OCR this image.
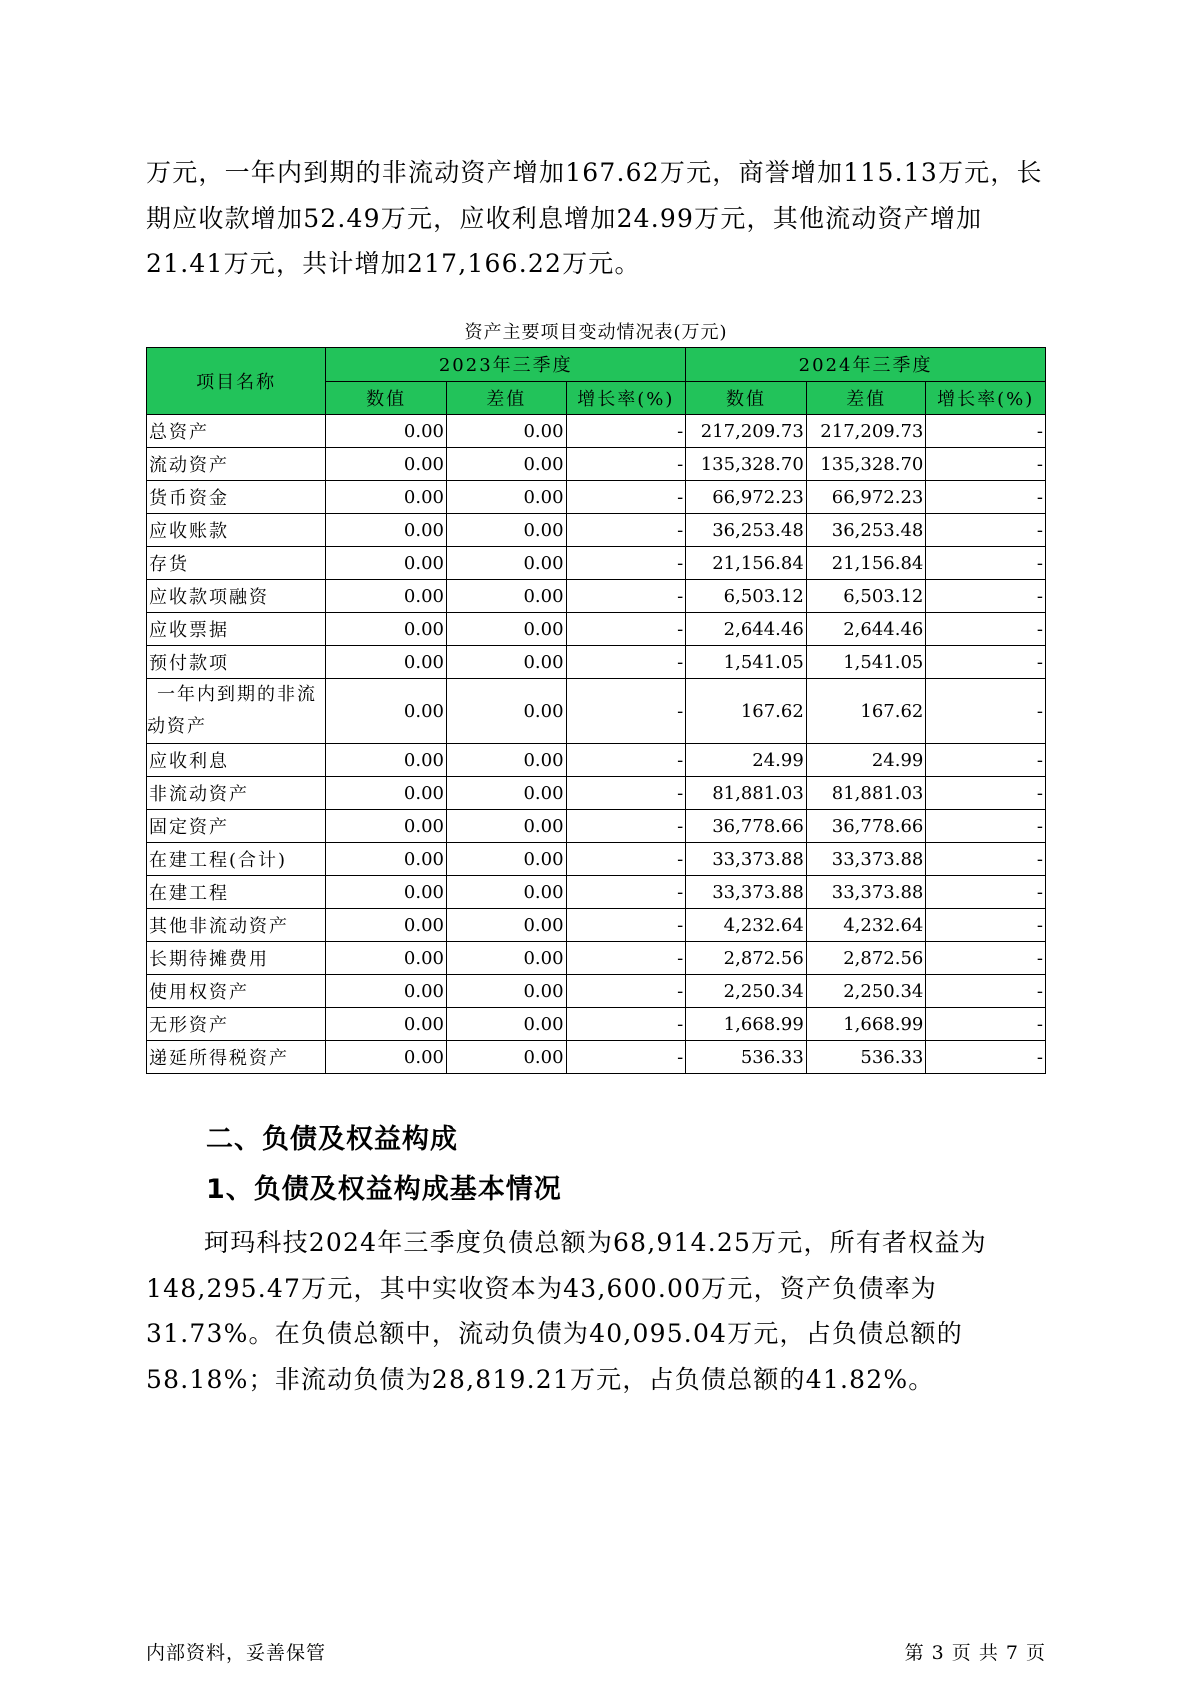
万元，一年内到期的非流动资产增加167.62万元，商誉增加115.13万元，长期应收款增加52.49万元，应收利息增加24.99万元，其他流动资产增加21.41万元，共计增加217,166.22万元。

资产主要项目变动情况表(万元)
项目名称	2023年三季度			2024年三季度		
	数值	差值	增长率(%)	数值	差值	增长率(%)
总资产	0.00	0.00	-	217,209.73	217,209.73	-
流动资产	0.00	0.00	-	135,328.70	135,328.70	-
货币资金	0.00	0.00	-	66,972.23	66,972.23	-
应收账款	0.00	0.00	-	36,253.48	36,253.48	-
存货	0.00	0.00	-	21,156.84	21,156.84	-
应收款项融资	0.00	0.00	-	6,503.12	6,503.12	-
应收票据	0.00	0.00	-	2,644.46	2,644.46	-
预付款项	0.00	0.00	-	1,541.05	1,541.05	-
一年内到期的非流动资产	0.00	0.00	-	167.62	167.62	-
应收利息	0.00	0.00	-	24.99	24.99	-
非流动资产	0.00	0.00	-	81,881.03	81,881.03	-
固定资产	0.00	0.00	-	36,778.66	36,778.66	-
在建工程(合计)	0.00	0.00	-	33,373.88	33,373.88	-
在建工程	0.00	0.00	-	33,373.88	33,373.88	-
其他非流动资产	0.00	0.00	-	4,232.64	4,232.64	-
长期待摊费用	0.00	0.00	-	2,872.56	2,872.56	-
使用权资产	0.00	0.00	-	2,250.34	2,250.34	-
无形资产	0.00	0.00	-	1,668.99	1,668.99	-
递延所得税资产	0.00	0.00	-	536.33	536.33	-
二、负债及权益构成
1、负债及权益构成基本情况

珂玛科技2024年三季度负债总额为68,914.25万元，所有者权益为148,295.47万元，其中实收资本为43,600.00万元，资产负债率为31.73%。在负债总额中，流动负债为40,095.04万元，占负债总额的58.18%；非流动负债为28,819.21万元，占负债总额的41.82%。

内部资料，妥善保管	第 3 页 共 7 页
